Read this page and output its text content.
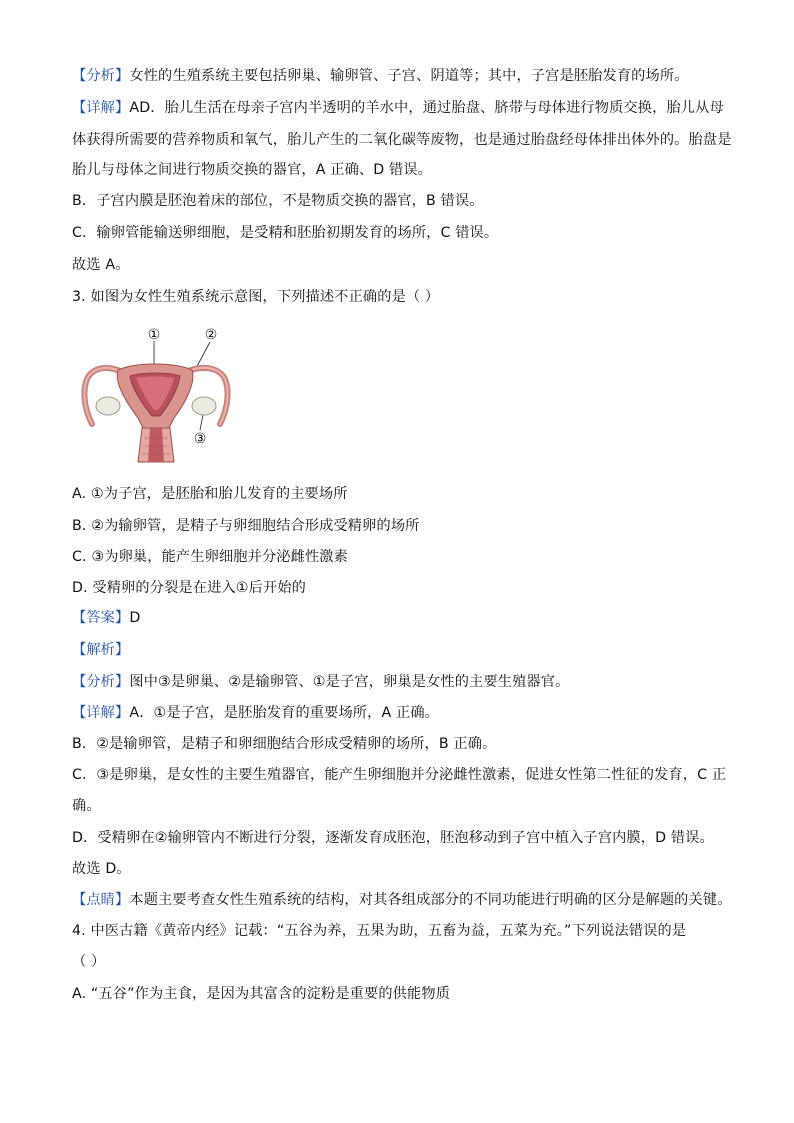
【分析】女性的生殖系统主要包括卵巢、输卵管、子宫、阴道等；其中，子宫是胚胎发育的场所。
【详解】AD．胎儿生活在母亲子宫内半透明的羊水中，通过胎盘、脐带与母体进行物质交换，胎儿从母
体获得所需要的营养物质和氧气，胎儿产生的二氧化碳等废物，也是通过胎盘经母体排出体外的。胎盘是
胎儿与母体之间进行物质交换的器官，A 正确、D 错误。
B．子宫内膜是胚泡着床的部位，不是物质交换的器官，B 错误。
C．输卵管能输送卵细胞，是受精和胚胎初期发育的场所，C 错误。
故选 A。
3. 如图为女性生殖系统示意图，下列描述不正确的是（ ）
①	②
③
A. ①为子宫，是胚胎和胎儿发育的主要场所
B. ②为输卵管，是精子与卵细胞结合形成受精卵的场所
C. ③为卵巢，能产生卵细胞并分泌雌性激素
D. 受精卵的分裂是在进入①后开始的
【答案】D
【解析】
【分析】图中③是卵巢、②是输卵管、①是子宫，卵巢是女性的主要生殖器官。
【详解】A．①是子宫，是胚胎发育的重要场所，A 正确。
B．②是输卵管，是精子和卵细胞结合形成受精卵的场所，B 正确。
C．③是卵巢，是女性的主要生殖器官，能产生卵细胞并分泌雌性激素，促进女性第二性征的发育，C 正
确。
D．受精卵在②输卵管内不断进行分裂，逐渐发育成胚泡，胚泡移动到子宫中植入子宫内膜，D 错误。
故选 D。
【点睛】本题主要考查女性生殖系统的结构，对其各组成部分的不同功能进行明确的区分是解题的关键。
4. 中医古籍《黄帝内经》记载：“五谷为养，五果为助，五畜为益，五菜为充。”下列说法错误的是
（ ）
A. “五谷”作为主食，是因为其富含的淀粉是重要的供能物质
